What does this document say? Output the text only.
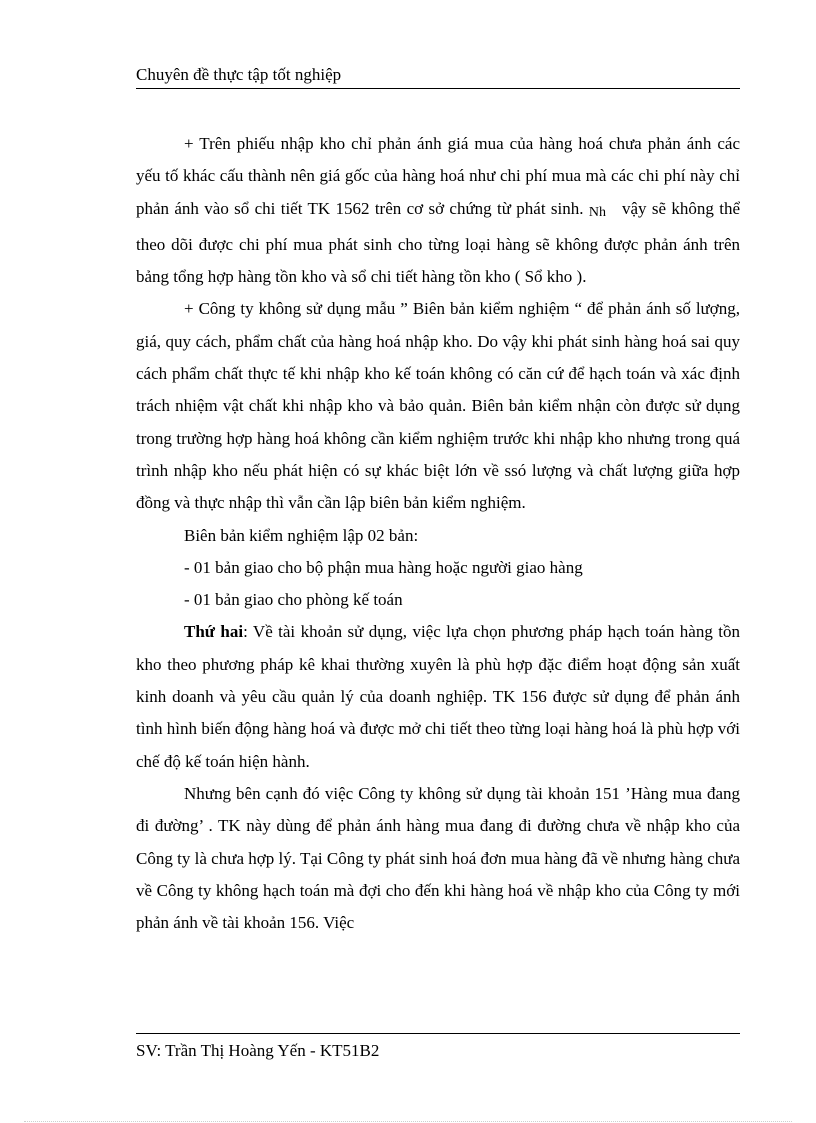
Chuyên đề thực tập tốt nghiệp

+ Trên phiếu nhập kho chỉ phản ánh giá mua của hàng hoá chưa phản ánh các yếu tố khác cấu thành nên giá gốc của hàng hoá như chi phí mua mà các chi phí này chỉ phản ánh vào sổ chi tiết TK 1562 trên cơ sở chứng từ phát sinh. Nh vậy sẽ không thể theo dõi được chi phí mua phát sinh cho từng loại hàng sẽ không được phản ánh trên bảng tổng hợp hàng tồn kho và sổ chi tiết hàng tồn kho ( Sổ kho ).

+ Công ty không sử dụng mẫu ” Biên bản kiểm nghiệm “ để phản ánh số lượng, giá, quy cách, phẩm chất của hàng hoá nhập kho. Do vậy khi phát sinh hàng hoá sai quy cách phẩm chất thực tế khi nhập kho kế toán không có căn cứ để hạch toán và xác định trách nhiệm vật chất khi nhập kho và bảo quản. Biên bản kiểm nhận còn được sử dụng trong trường hợp hàng hoá không cần kiểm nghiệm trước khi nhập kho nhưng trong quá trình nhập kho nếu phát hiện có sự khác biệt lớn về ssó lượng và chất lượng giữa hợp đồng và thực nhập thì vẫn cần lập biên bản kiểm nghiệm.

Biên bản kiểm nghiệm lập 02 bản:

- 01 bản giao cho bộ phận mua hàng hoặc người giao hàng

- 01 bản giao cho phòng kế toán

Thứ hai: Về tài khoản sử dụng, việc lựa chọn phương pháp hạch toán hàng tồn kho theo phương pháp kê khai thường xuyên là phù hợp đặc điểm hoạt động sản xuất kinh doanh và yêu cầu quản lý của doanh nghiệp. TK 156 được sử dụng để phản ánh tình hình biến động hàng hoá và được mở chi tiết theo từng loại hàng hoá là phù hợp với chế độ kế toán hiện hành.

Nhưng bên cạnh đó việc Công ty không sử dụng tài khoản 151 ’Hàng mua đang đi đường’ . TK này dùng để phản ánh hàng mua đang đi đường chưa về nhập kho của Công ty là chưa hợp lý. Tại Công ty phát sinh hoá đơn mua hàng đã về nhưng hàng chưa về Công ty không hạch toán mà đợi cho đến khi hàng hoá về nhập kho của Công ty mới phản ánh về tài khoản 156. Việc

SV: Trần Thị Hoàng Yến - KT51B2
